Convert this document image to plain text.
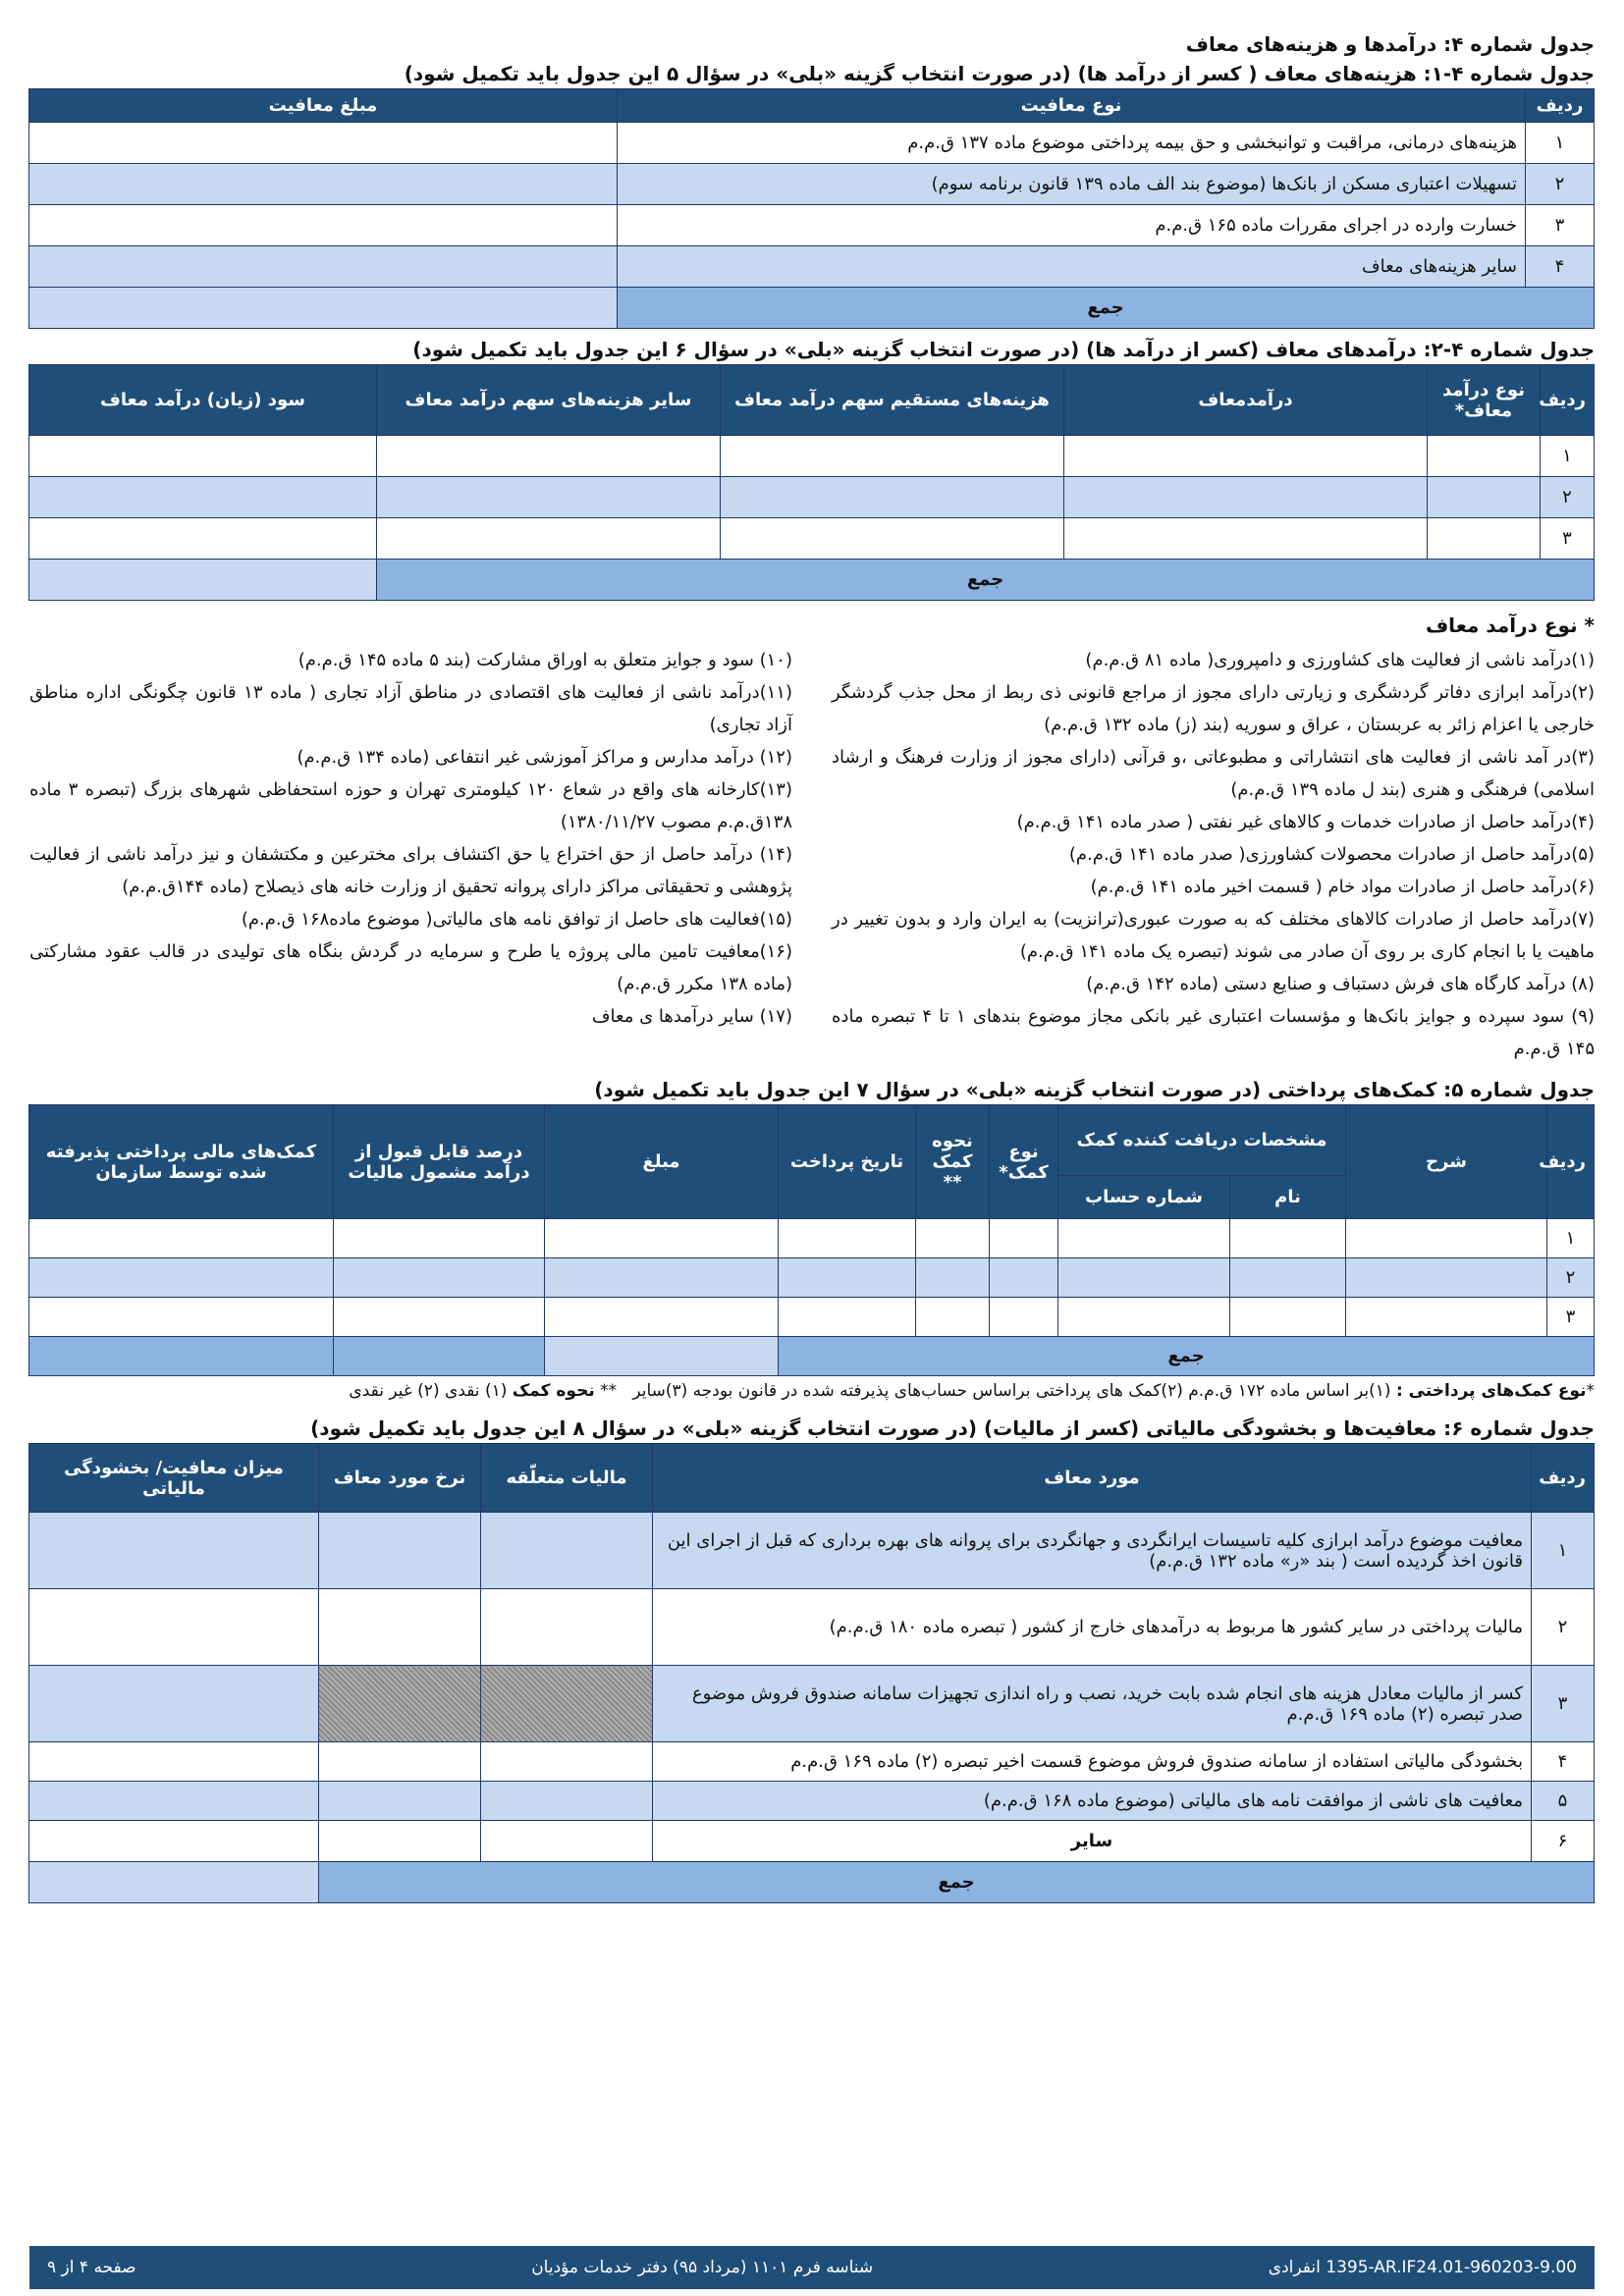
جدول شماره ۴: درآمدها و هزینه‌های معاف

جدول شماره ۴-۱: هزینه‌های معاف ( کسر از درآمد ها) (در صورت انتخاب گزینه «بلی» در سؤال ۵ این جدول باید تکمیل شود)

ردیف	نوع معافیت	مبلغ معافیت
۱	هزینه‌های درمانی، مراقبت و توانبخشی و حق بیمه پرداختی موضوع ماده ۱۳۷ ق.م.م	
۲	تسهیلات اعتباری مسکن از بانک‌ها (موضوع بند الف ماده ۱۳۹ قانون برنامه سوم)	
۳	خسارت وارده در اجرای مقررات ماده ۱۶۵ ق.م.م	
۴	سایر هزینه‌های معاف	
جمع		

جدول شماره ۴-۲: درآمدهای معاف (کسر از درآمد ها) (در صورت انتخاب گزینه «بلی» در سؤال ۶ این جدول باید تکمیل شود)

ردیف	نوع درآمد معاف*	درآمدمعاف	هزینه‌های مستقیم سهم درآمد معاف	سایر هزینه‌های سهم درآمد معاف	سود (زیان) درآمد معاف
۱					
۲					
۳					
جمع					

* نوع درآمد معاف

(۱)درآمد ناشی از فعالیت های کشاورزی و دامپروری( ماده ۸۱ ق.م.م)

(۲)درآمد ابرازی دفاتر گردشگری و زیارتی دارای مجوز از مراجع قانونی ذی ربط از محل جذب گردشگر خارجی یا اعزام زائر به عربستان ، عراق و سوریه (بند (ز) ماده ۱۳۲ ق.م.م)

(۳)در آمد ناشی از فعالیت های انتشاراتی و مطبوعاتی ،و قرآنی (دارای مجوز از وزارت فرهنگ و ارشاد اسلامی) فرهنگی و هنری (بند ل ماده ۱۳۹ ق.م.م)

(۴)درآمد حاصل از صادرات خدمات و کالاهای غیر نفتی ( صدر ماده ۱۴۱ ق.م.م)

(۵)درآمد حاصل از صادرات محصولات کشاورزی( صدر ماده ۱۴۱ ق.م.م)

(۶)درآمد حاصل از صادرات مواد خام ( قسمت اخیر ماده ۱۴۱ ق.م.م)

(۷)درآمد حاصل از صادرات کالاهای مختلف که به صورت عبوری(ترانزیت) به ایران وارد و بدون تغییر در ماهیت یا با انجام کاری بر روی آن صادر می شوند (تبصره یک ماده ۱۴۱ ق.م.م)

(۸) درآمد کارگاه های فرش دستباف و صنایع دستی (ماده ۱۴۲ ق.م.م)

(۹) سود سپرده و جوایز بانک‌ها و مؤسسات اعتباری غیر بانکی مجاز موضوع بندهای ۱ تا ۴ تبصره ماده ۱۴۵ ق.م.م

(۱۰) سود و جوایز متعلق به اوراق مشارکت (بند ۵ ماده ۱۴۵ ق.م.م)

(۱۱)درآمد ناشی از فعالیت های اقتصادی در مناطق آزاد تجاری ( ماده ۱۳ قانون چگونگی اداره مناطق آزاد تجاری)

(۱۲) درآمد مدارس و مراکز آموزشی غیر انتفاعی (ماده ۱۳۴ ق.م.م)

(۱۳)کارخانه های واقع در شعاع ۱۲۰ کیلومتری تهران و حوزه استحفاظی شهرهای بزرگ (تبصره ۳ ماده ۱۳۸ق.م.م مصوب ۱۳۸۰/۱۱/۲۷)

(۱۴) درآمد حاصل از حق اختراع یا حق اکتشاف برای مخترعین و مکتشفان و نیز درآمد ناشی از فعالیت پژوهشی و تحقیقاتی مراکز دارای پروانه تحقیق از وزارت خانه های ذیصلاح (ماده ۱۴۴ق.م.م)

(۱۵)فعالیت های حاصل از توافق نامه های مالیاتی( موضوع ماده۱۶۸ ق.م.م)

(۱۶)معافیت تامین مالی پروژه یا طرح و سرمایه در گردش بنگاه های تولیدی در قالب عقود مشارکتی (ماده ۱۳۸ مکرر ق.م.م)

(۱۷) سایر درآمدها ی معاف

جدول شماره ۵: کمک‌های پرداختی (در صورت انتخاب گزینه «بلی» در سؤال ۷ این جدول باید تکمیل شود)

ردیف	شرح	مشخصات دریافت کننده کمک		نوع کمک*	نحوه کمک **	تاریخ پرداخت	مبلغ	درصد قابل قبول از درآمد مشمول مالیات	کمک‌های مالی پرداختی پذیرفته شده توسط سازمان
		نام	شماره حساب						
۱									
۲									
۳									
جمع									
*نوع کمک‌های پرداختی : (۱)بر اساس ماده ۱۷۲ ق.م.م (۲)کمک های پرداختی براساس حساب‌های پذیرفته شده در قانون بودجه (۳)سایر   ** نحوه کمک (۱) نقدی (۲) غیر نقدی

جدول شماره ۶: معافیت‌ها و بخشودگی مالیاتی (کسر از مالیات) (در صورت انتخاب گزینه «بلی» در سؤال ۸ این جدول باید تکمیل شود)

ردیف	مورد معاف	مالیات متعلّقه	نرخ مورد معاف	میزان معافیت/ بخشودگی مالیاتی
۱	معافیت موضوع درآمد ابرازی کلیه تاسیسات ایرانگردی و جهانگردی برای پروانه های بهره برداری که قبل از اجرای این قانون اخذ گردیده است ( بند «ر» ماده ۱۳۲ ق.م.م)			
۲	مالیات پرداختی در سایر کشور ها مربوط به درآمدهای خارج از کشور ( تبصره ماده ۱۸۰ ق.م.م)			
۳	کسر از مالیات معادل هزینه های انجام شده بابت خرید، نصب و راه اندازی تجهیزات سامانه صندوق فروش موضوع صدر تبصره (۲) ماده ۱۶۹ ق.م.م			
۴	بخشودگی مالیاتی استفاده از سامانه صندوق فروش موضوع قسمت اخیر تبصره (۲) ماده ۱۶۹ ق.م.م			
۵	معافیت های ناشی از موافقت نامه های مالیاتی (موضوع ماده ۱۶۸ ق.م.م)			
۶	سایر			
جمع				
1395-AR.IF24.01-960203-9.00 انفرادی
شناسه فرم ۱۱۰۱ (مرداد ۹۵) دفتر خدمات مؤدیان
صفحه ۴ از ۹
